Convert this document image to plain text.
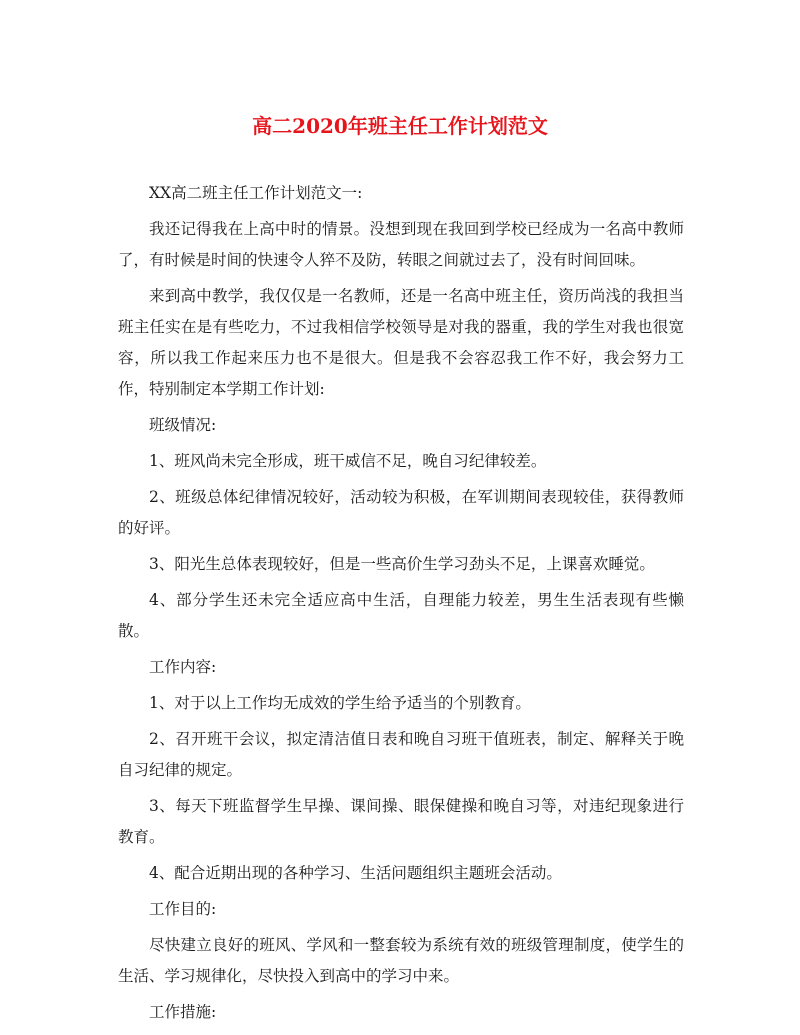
高二2020年班主任工作计划范文

XX高二班主任工作计划范文一:

我还记得我在上高中时的情景。没想到现在我回到学校已经成为一名高中教师了，有时候是时间的快速令人猝不及防，转眼之间就过去了，没有时间回味。

来到高中教学，我仅仅是一名教师，还是一名高中班主任，资历尚浅的我担当班主任实在是有些吃力，不过我相信学校领导是对我的器重，我的学生对我也很宽容，所以我工作起来压力也不是很大。但是我不会容忍我工作不好，我会努力工作，特别制定本学期工作计划:

班级情况:

1、班风尚未完全形成，班干威信不足，晚自习纪律较差。

2、班级总体纪律情况较好，活动较为积极，在军训期间表现较佳，获得教师的好评。

3、阳光生总体表现较好，但是一些高价生学习劲头不足，上课喜欢睡觉。

4、部分学生还未完全适应高中生活，自理能力较差，男生生活表现有些懒散。

工作内容:

1、对于以上工作均无成效的学生给予适当的个别教育。

2、召开班干会议，拟定清洁值日表和晚自习班干值班表，制定、解释关于晚自习纪律的规定。

3、每天下班监督学生早操、课间操、眼保健操和晚自习等，对违纪现象进行教育。

4、配合近期出现的各种学习、生活问题组织主题班会活动。

工作目的:

尽快建立良好的班风、学风和一整套较为系统有效的班级管理制度，使学生的生活、学习规律化，尽快投入到高中的学习中来。

工作措施:
